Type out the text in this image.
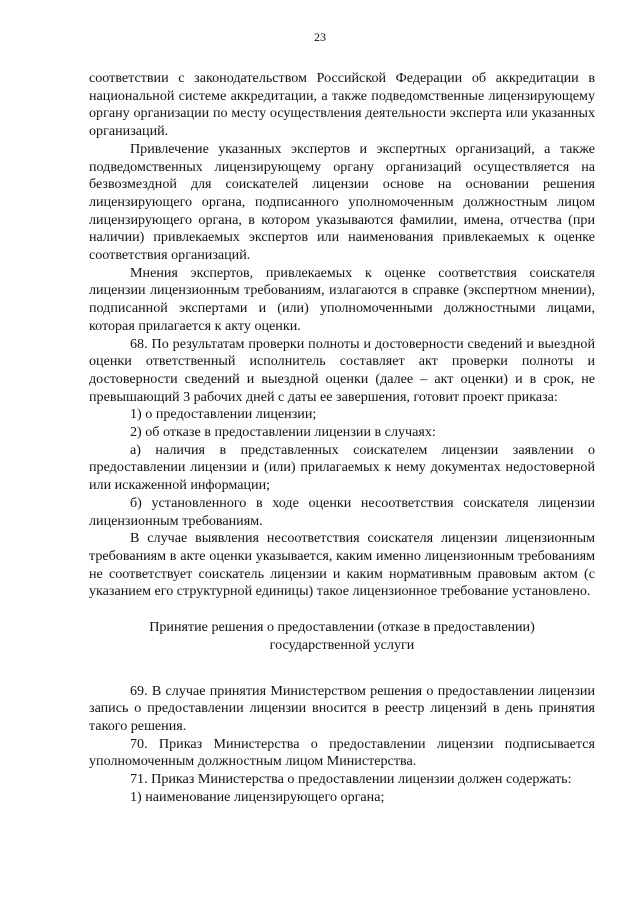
23

соответствии с законодательством Российской Федерации об аккредитации в национальной системе аккредитации, а также подведомственные лицензирующему органу организации по месту осуществления деятельности эксперта или указанных организаций.

Привлечение указанных экспертов и экспертных организаций, а также подведомственных лицензирующему органу организаций осуществляется на безвозмездной для соискателей лицензии основе на основании решения лицензирующего органа, подписанного уполномоченным должностным лицом лицензирующего органа, в котором указываются фамилии, имена, отчества (при наличии) привлекаемых экспертов или наименования привлекаемых к оценке соответствия организаций.

Мнения экспертов, привлекаемых к оценке соответствия соискателя лицензии лицензионным требованиям, излагаются в справке (экспертном мнении), подписанной экспертами и (или) уполномоченными должностными лицами, которая прилагается к акту оценки.

68. По результатам проверки полноты и достоверности сведений и выездной оценки ответственный исполнитель составляет акт проверки полноты и достоверности сведений и выездной оценки (далее – акт оценки) и в срок, не превышающий 3 рабочих дней с даты ее завершения, готовит проект приказа:

1) о предоставлении лицензии;

2) об отказе в предоставлении лицензии в случаях:

а) наличия в представленных соискателем лицензии заявлении о предоставлении лицензии и (или) прилагаемых к нему документах недостоверной или искаженной информации;

б) установленного в ходе оценки несоответствия соискателя лицензии лицензионным требованиям.

В случае выявления несоответствия соискателя лицензии лицензионным требованиям в акте оценки указывается, каким именно лицензионным требованиям не соответствует соискатель лицензии и каким нормативным правовым актом (с указанием его структурной единицы) такое лицензионное требование установлено.

Принятие решения о предоставлении (отказе в предоставлении) государственной услуги

69. В случае принятия Министерством решения о предоставлении лицензии запись о предоставлении лицензии вносится в реестр лицензий в день принятия такого решения.

70. Приказ Министерства о предоставлении лицензии подписывается уполномоченным должностным лицом Министерства.

71. Приказ Министерства о предоставлении лицензии должен содержать:

1) наименование лицензирующего органа;
